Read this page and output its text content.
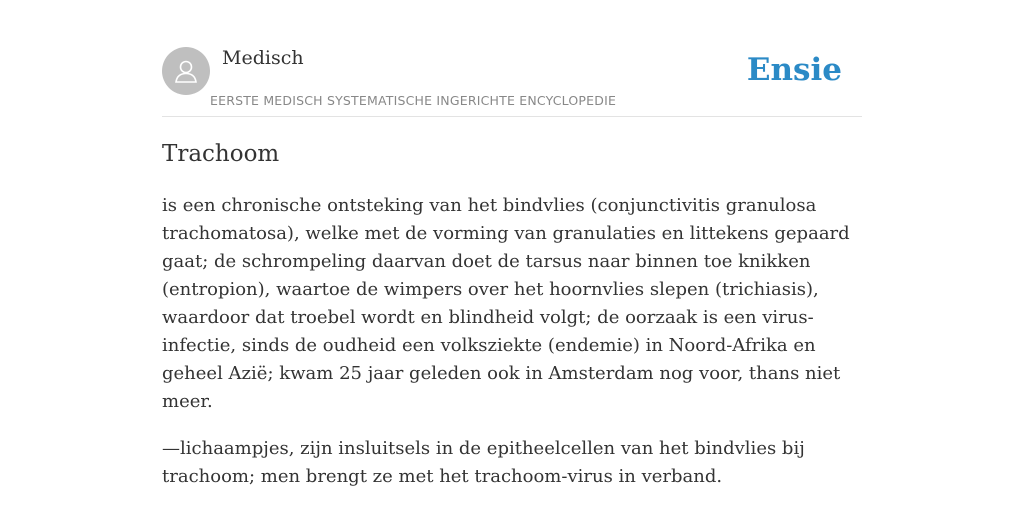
Medisch
EERSTE MEDISCH SYSTEMATISCHE INGERICHTE ENCYCLOPEDIE
Ensie
Trachoom

is een chronische ontsteking van het bindvlies (conjunctivitis granulosa trachomatosa), welke met de vorming van granulaties en littekens gepaard gaat; de schrompeling daarvan doet de tarsus naar binnen toe knikken (entropion), waartoe de wimpers over het hoornvlies slepen (trichiasis), waardoor dat troebel wordt en blindheid volgt; de oorzaak is een virus-infectie, sinds de oudheid een volksziekte (endemie) in Noord-Afrika en geheel Azië; kwam 25 jaar geleden ook in Amsterdam nog voor, thans niet meer.

—lichaampjes, zijn insluitsels in de epitheelcellen van het bindvlies bij trachoom; men brengt ze met het trachoom-virus in verband.
